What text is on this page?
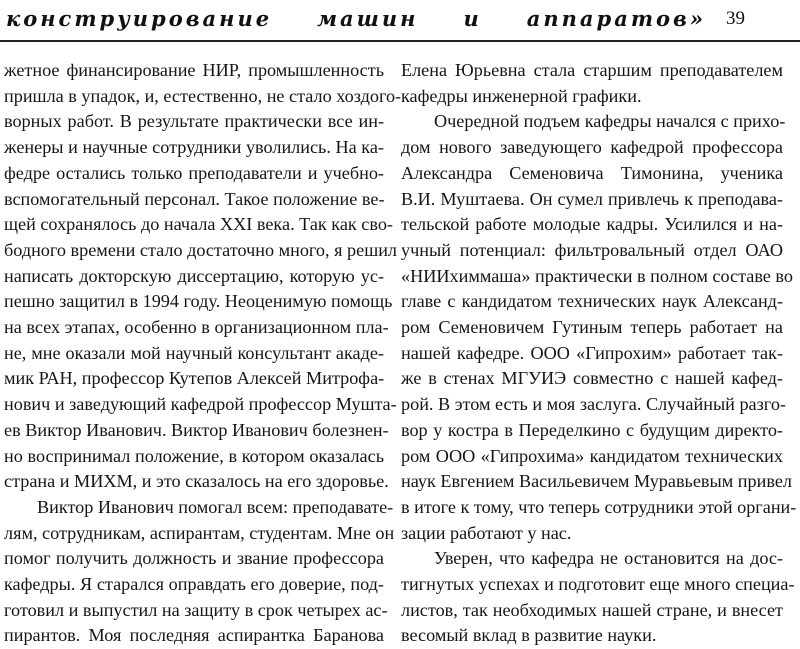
конструирование машин и аппаратов» 39
жетное финансирование НИР, промышленность
пришла в упадок, и, естественно, не стало хоздого-
ворных работ. В результате практически все ин-
женеры и научные сотрудники уволились. На ка-
федре остались только преподаватели и учебно-
вспомогательный персонал. Такое положение ве-
щей сохранялось до начала XXI века. Так как сво-
бодного времени стало достаточно много, я решил
написать докторскую диссертацию, которую ус-
пешно защитил в 1994 году. Неоценимую помощь
на всех этапах, особенно в организационном пла-
не, мне оказали мой научный консультант акаде-
мик РАН, профессор Кутепов Алексей Митрофа-
нович и заведующий кафедрой профессор Муштa-
ев Виктор Иванович. Виктор Иванович болезнен-
но воспринимал положение, в котором оказалась
страна и МИХМ, и это сказалось на его здоровье.
Виктор Иванович помогал всем: преподавате-
лям, сотрудникам, аспирантам, студентам. Мне он
помог получить должность и звание профессора
кафедры. Я старался оправдать его доверие, под-
готовил и выпустил на защиту в срок четырех ас-
пирантов. Моя последняя аспирантка Баранова
Елена Юрьевна стала старшим преподавателем
кафедры инженерной графики.
Очередной подъем кафедры начался с прихо-
дом нового заведующего кафедрой профессора
Александра Семеновича Тимонина, ученика
В.И. Муштаева. Он сумел привлечь к преподава-
тельской работе молодые кадры. Усилился и на-
учный потенциал: фильтровальный отдел ОАО
«НИИхиммаша» практически в полном составе во
главе с кандидатом технических наук Александ-
ром Семеновичем Гутиным теперь работает на
нашей кафедре. ООО «Гипрохим» работает так-
же в стенах МГУИЭ совместно с нашей кафед-
рой. В этом есть и моя заслуга. Случайный разго-
вор у костра в Переделкино с будущим директо-
ром ООО «Гипрохима» кандидатом технических
наук Евгением Васильевичем Муравьевым привел
в итоге к тому, что теперь сотрудники этой органи-
зации работают у нас.
Уверен, что кафедра не остановится на дос-
тигнутых успехах и подготовит еще много специа-
листов, так необходимых нашей стране, и внесет
весомый вклад в развитие науки.
